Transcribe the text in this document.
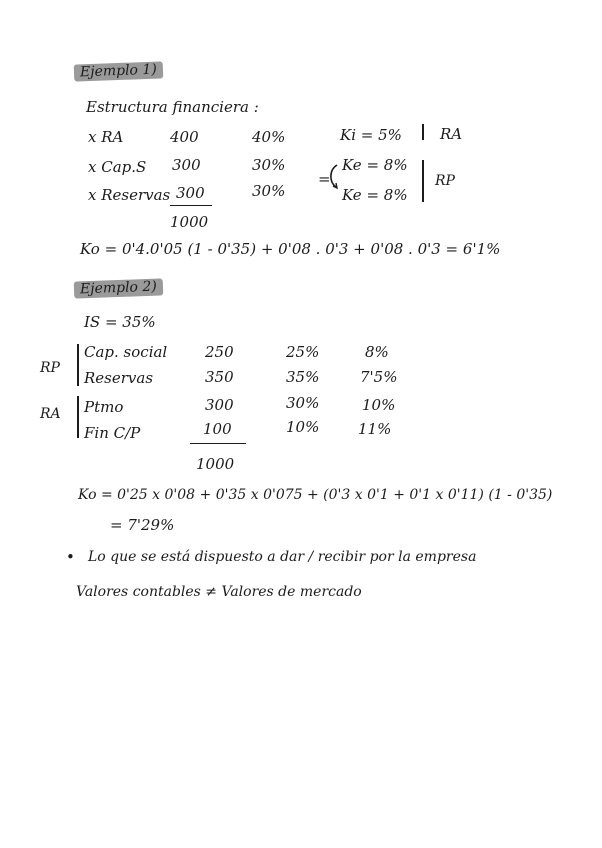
Ejemplo 1)
Estructura financiera :
x RA	400	40%
x Cap.S 300	30%
x Reservas 300	30%
1000
Ki = 5%	RA
=
Ke = 8%
Ke = 8%
RP
Ko = 0'4.0'05 (1 - 0'35) + 0'08 . 0'3 + 0'08 . 0'3 = 6'1%
Ejemplo 2)
IS = 35%
RP
RA
Cap. social	250	25%	8%
Reservas	350	35%	7'5%
Ptmo	300	30%	10%
Fin C/P	100	10%	11%
1000
Ko = 0'25 x 0'08 + 0'35 x 0'075 + (0'3 x 0'1 + 0'1 x 0'11) (1 - 0'35)
= 7'29%
• Lo que se está dispuesto a dar / recibir por la empresa
Valores contables ≠ Valores de mercado
